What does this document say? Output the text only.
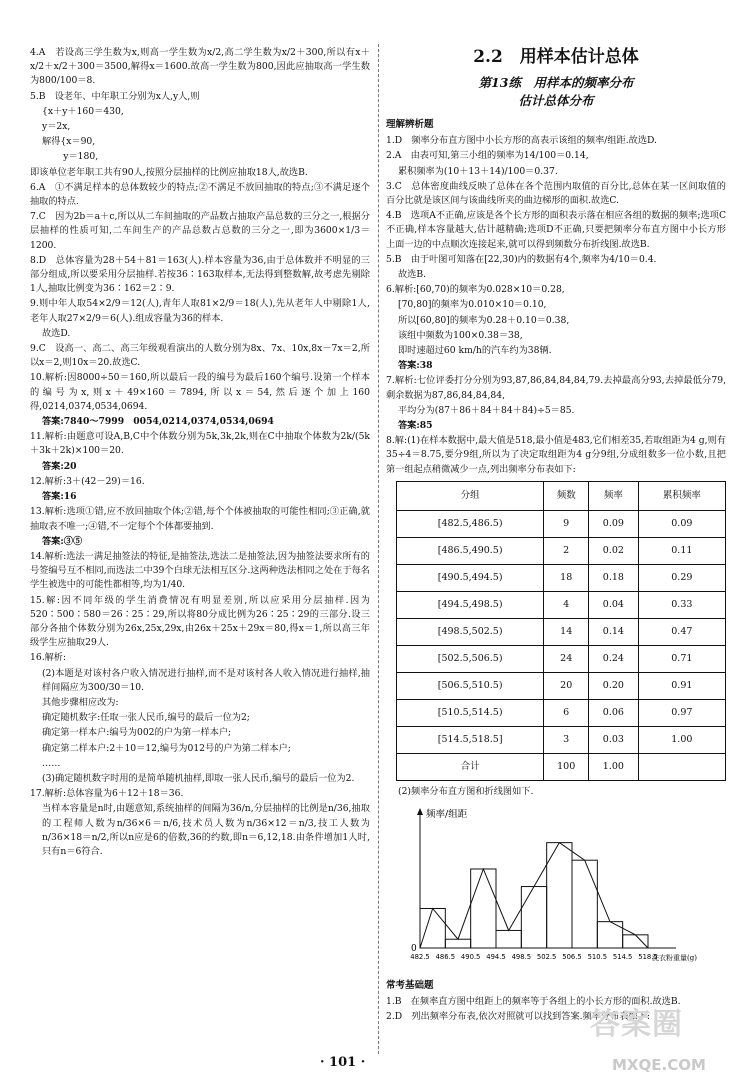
4.A　若设高三学生数为x,则高一学生数为x/2,高二学生数为x/2＋300,所以有x＋x/2＋x/2＋300＝3500,解得x＝1600.故高一学生数为800,因此应抽取高一学生数为800/100＝8.

5.B　设老年、中年职工分别为x人,y人,则

{x＋y＋160＝430,

y＝2x,

解得{x＝90,

　　 y＝180,

即该单位老年职工共有90人,按照分层抽样的比例应抽取18人,故选B.

6.A　①不满足样本的总体数较少的特点;②不满足不放回抽取的特点;③不满足逐个抽取的特点.

7.C　因为2b＝a＋c,所以从二车间抽取的产品数占抽取产品总数的三分之一,根据分层抽样的性质可知,二车间生产的产品总数占总数的三分之一,即为3600×1/3＝1200.

8.D　总体容量为28＋54＋81＝163(人).样本容量为36,由于总体数并不明显的三部分组成,所以要采用分层抽样.若按36∶163取样本,无法得到整数解,故考虑先剔除1人,抽取比例变为36∶162＝2∶9.

9.则中年人取54×2/9＝12(人),青年人取81×2/9＝18(人),先从老年人中剔除1人,老年人取27×2/9＝6(人).组成容量为36的样本.

故选D.

9.C　设高一、高二、高三年级观看演出的人数分别为8x、7x、10x,8x－7x＝2,所以x＝2,则10x＝20.故选C.

10.解析:因8000÷50＝160,所以最后一段的编号为最后160个编号.设第一个样本的编号为x,则x＋49×160＝7894,所以x＝54,然后逐个加上160得,0214,0374,0534,0694.

答案:7840～7999　0054,0214,0374,0534,0694

11.解析:由题意可设A,B,C中个体数分别为5k,3k,2k,则在C中抽取个体数为2k/(5k＋3k＋2k)×100＝20.

答案:20

12.解析:3＋(42－29)＝16.

答案:16

13.解析:选项①错,应不放回抽取个体;②错,每个个体被抽取的可能性相同;③正确,就抽取表不唯一;④错,不一定每个个体都要抽到.

答案:③⑤

14.解析:选法一满足抽签法的特征,是抽签法,选法二是抽签法,因为抽签法要求所有的号签编号互不相同,而选法二中39个白球无法相互区分.这两种选法相同之处在于每名学生被选中的可能性都相等,均为1/40.

15.解:因不同年级的学生消费情况有明显差别,所以应采用分层抽样.因为520∶500∶580＝26∶25∶29,所以将80分成比例为26∶25∶29的三部分.设三部分各抽个体数分别为26x,25x,29x,由26x＋25x＋29x＝80,得x＝1,所以高三年级学生应抽取29人.

16.解析:

(2)本题是对该村各户收入情况进行抽样,而不是对该村各人收入情况进行抽样,抽样间隔应为300/30＝10.

其他步骤相应改为:

确定随机数字:任取一张人民币,编号的最后一位为2;

确定第一样本户:编号为002的户为第一样本户;

确定第二样本户:2＋10＝12,编号为012号的户为第二样本户;

……

(3)确定随机数字时用的是简单随机抽样,即取一张人民币,编号的最后一位为2.

17.解析:总体容量为6＋12＋18＝36.

当样本容量是n时,由题意知,系统抽样的间隔为36/n,分层抽样的比例是n/36,抽取的工程师人数为n/36×6＝n/6,技术员人数为n/36×12＝n/3,技工人数为n/36×18＝n/2,所以n应是6的倍数,36的约数,即n＝6,12,18.由条件增加1人时,只有n＝6符合.

2.2　用样本估计总体
第13练　用样本的频率分布
估计总体分布
理解辨析题

1.D　频率分布直方图中小长方形的高表示该组的频率/组距.故选D.

2.A　由表可知,第三小组的频率为14/100＝0.14,

累积频率为(10＋13＋14)/100＝0.37.

3.C　总体密度曲线反映了总体在各个范围内取值的百分比,总体在某一区间取值的百分比就是该区间与该曲线所夹的曲边梯形的面积.故选C.

4.B　选项A不正确,应该是各个长方形的面积表示落在相应各组的数据的频率;选项C不正确,样本容量越大,估计越精确;选项D不正确,只要把频率分布直方图中小长方形上面一边的中点顺次连接起来,就可以得到频数分布折线图.故选B.

5.B　由于叶图可知落在[22,30)内的数据有4个,频率为4/10＝0.4.

故选B.

6.解析:[60,70)的频率为0.028×10＝0.28,

[70,80]的频率为0.010×10＝0.10,

所以[60,80]的频率为0.28＋0.10＝0.38,

该组中频数为100×0.38＝38,

即时速超过60 km/h的汽车约为38辆.

答案:38

7.解析:七位评委打分分别为93,87,86,84,84,84,79.去掉最高分93,去掉最低分79,剩余数据为87,86,84,84,84,

平均分为(87＋86＋84＋84＋84)÷5＝85.

答案:85

8.解:(1)在样本数据中,最大值是518,最小值是483,它们相差35,若取组距为4 g,则有35÷4＝8.75,要分9组,所以为了决定取组距为4 g分9组,分成组数多一位小数,且把第一组起点稍微减少一点,列出频率分布表如下:

分组	频数	频率	累积频率
[482.5,486.5)	9	0.09	0.09
[486.5,490.5)	2	0.02	0.11
[490.5,494.5)	18	0.18	0.29
[494.5,498.5)	4	0.04	0.33
[498.5,502.5)	14	0.14	0.47
[502.5,506.5)	24	0.24	0.71
[506.5,510.5)	20	0.20	0.91
[510.5,514.5)	6	0.06	0.97
[514.5,518.5]	3	0.03	1.00
合计	100	1.00	

(2)频率分布直方图和折线图如下.

频率/组距
0
482.5 486.5 490.5 494.5 498.5 502.5 506.5 510.5 514.5 518.5
洗衣粉重量(g)
常考基础题

1.B　在频率直方图中组距上的频率等于各组上的小长方形的面积.故选B.

2.D　列出频率分布表,依次对照就可以找到答案.频率分布表如下:

· 101 ·
答案圈
MXQE.COM
